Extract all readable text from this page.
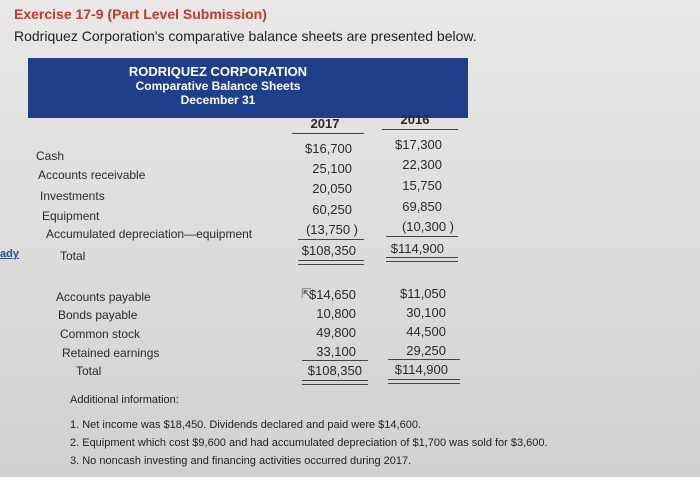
Exercise 17-9 (Part Level Submission)
Rodriquez Corporation's comparative balance sheets are presented below.
ady
RODRIQUEZ CORPORATION
Comparative Balance Sheets
December 31
2017	2016
Cash
Accounts receivable
Investments
Equipment
Accumulated depreciation—equipment
Total
$16,700
25,100
20,050
60,250
(13,750 )
$108,350
$17,300
22,300
15,750
69,850
(10,300 )
$114,900
Accounts payable
Bonds payable
Common stock
Retained earnings
Total
⇱
$14,650
10,800
49,800
33,100
$108,350
$11,050
30,100
44,500
29,250
$114,900
Additional information:
1. Net income was $18,450. Dividends declared and paid were $14,600.
2. Equipment which cost $9,600 and had accumulated depreciation of $1,700 was sold for $3,600.
3. No noncash investing and financing activities occurred during 2017.
